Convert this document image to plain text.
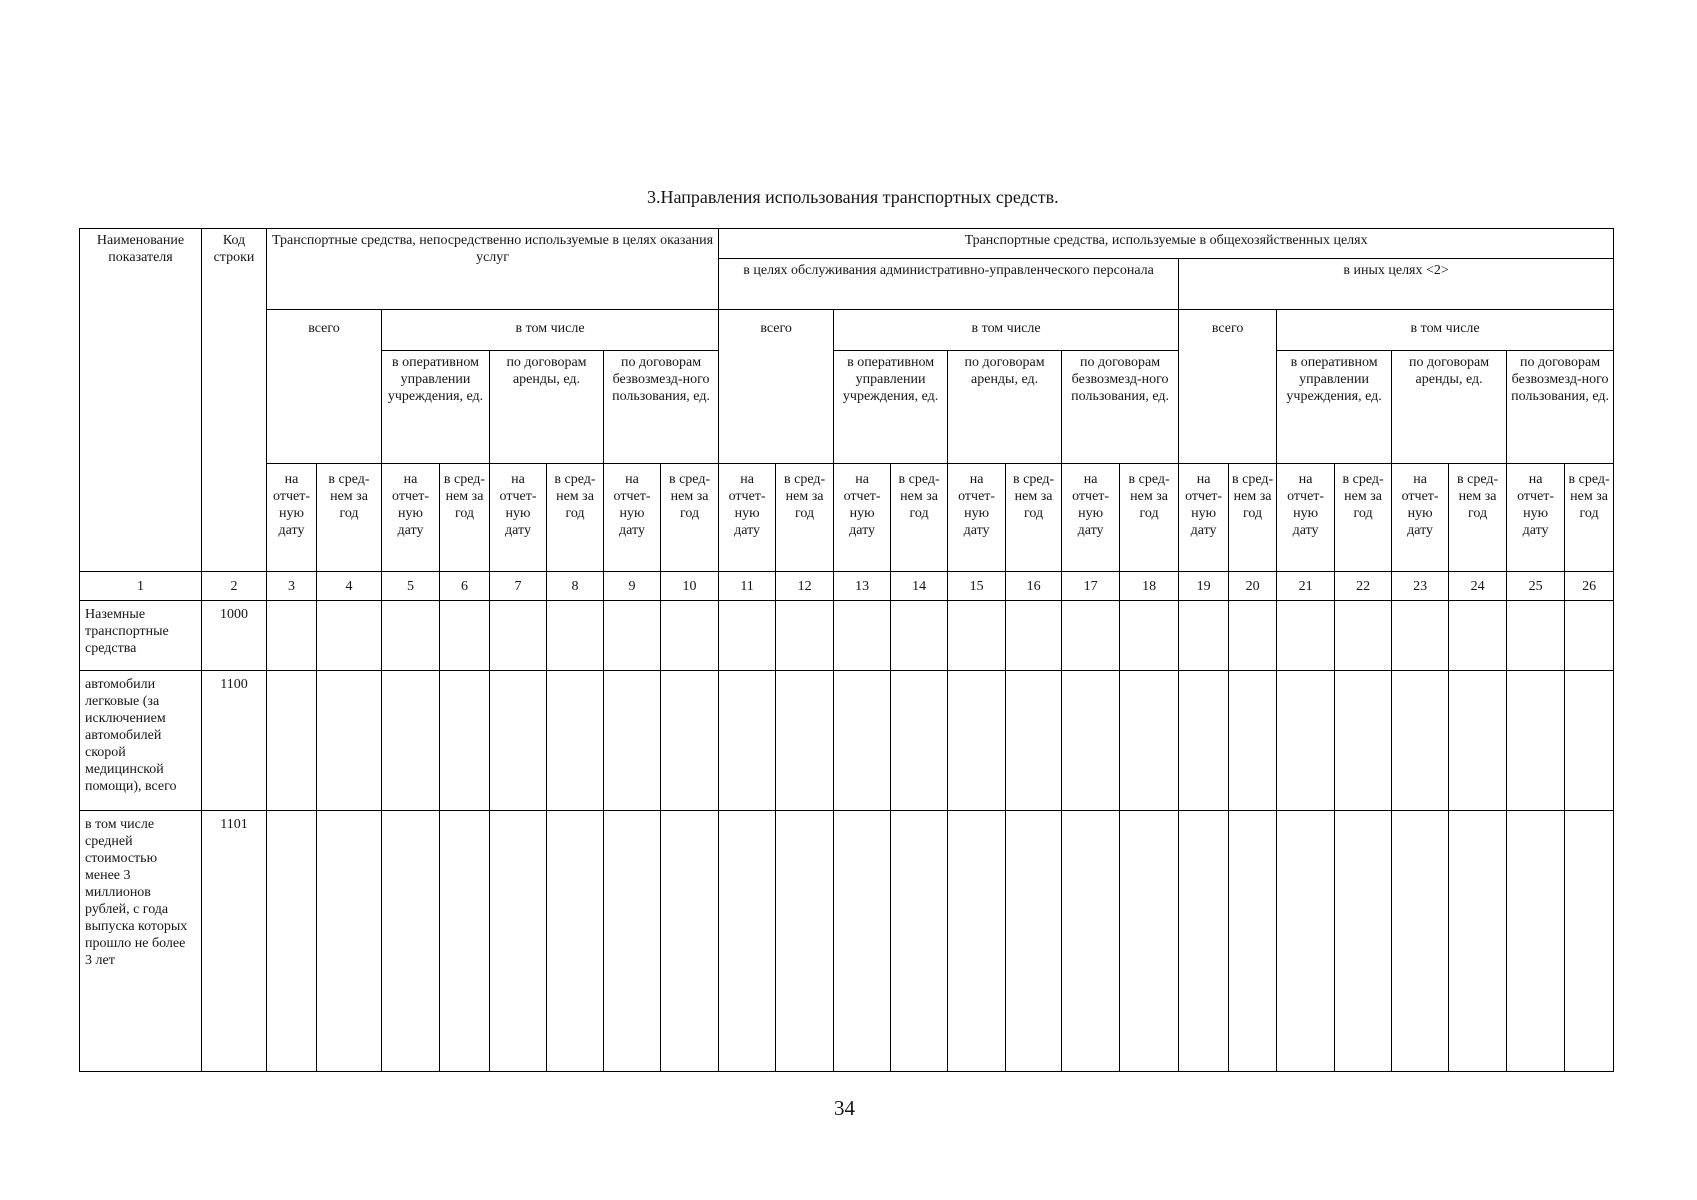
3.Направления использования транспортных средств.
Наименование показателя	Код строки	Транспортные средства, непосредственно используемые в целях оказания услуг								Транспортные средства, используемые в общехозяйственных целях															
										в целях обслуживания административно-управленческого персонала								в иных целях <2>							
		всего		в том числе						всего		в том числе						всего		в том числе					
				в оперативном управлении учреждения, ед.		по договорам аренды, ед.		по договорам безвозмезд-ного пользования, ед.				в оперативном управлении учреждения, ед.		по договорам аренды, ед.		по договорам безвозмезд-ного пользования, ед.				в оперативном управлении учреждения, ед.		по договорам аренды, ед.		по договорам безвозмезд-ного пользования, ед.	
		на отчет-ную дату	в сред-нем за год	на отчет-ную дату	в сред-нем за год	на отчет-ную дату	в сред-нем за год	на отчет-ную дату	в сред-нем за год	на отчет-ную дату	в сред-нем за год	на отчет-ную дату	в сред-нем за год	на отчет-ную дату	в сред-нем за год	на отчет-ную дату	в сред-нем за год	на отчет-ную дату	в сред-нем за год	на отчет-ную дату	в сред-нем за год	на отчет-ную дату	в сред-нем за год	на отчет-ную дату	в сред-нем за год
1	2	3	4	5	6	7	8	9	10	11	12	13	14	15	16	17	18	19	20	21	22	23	24	25	26
Наземные транспортные средства	1000																								
автомобили легковые (за исключением автомобилей скорой медицинской помощи), всего	1100																								
в том числе средней стоимостью менее 3 миллионов рублей, с года выпуска которых прошло не более 3 лет	1101																								
34
